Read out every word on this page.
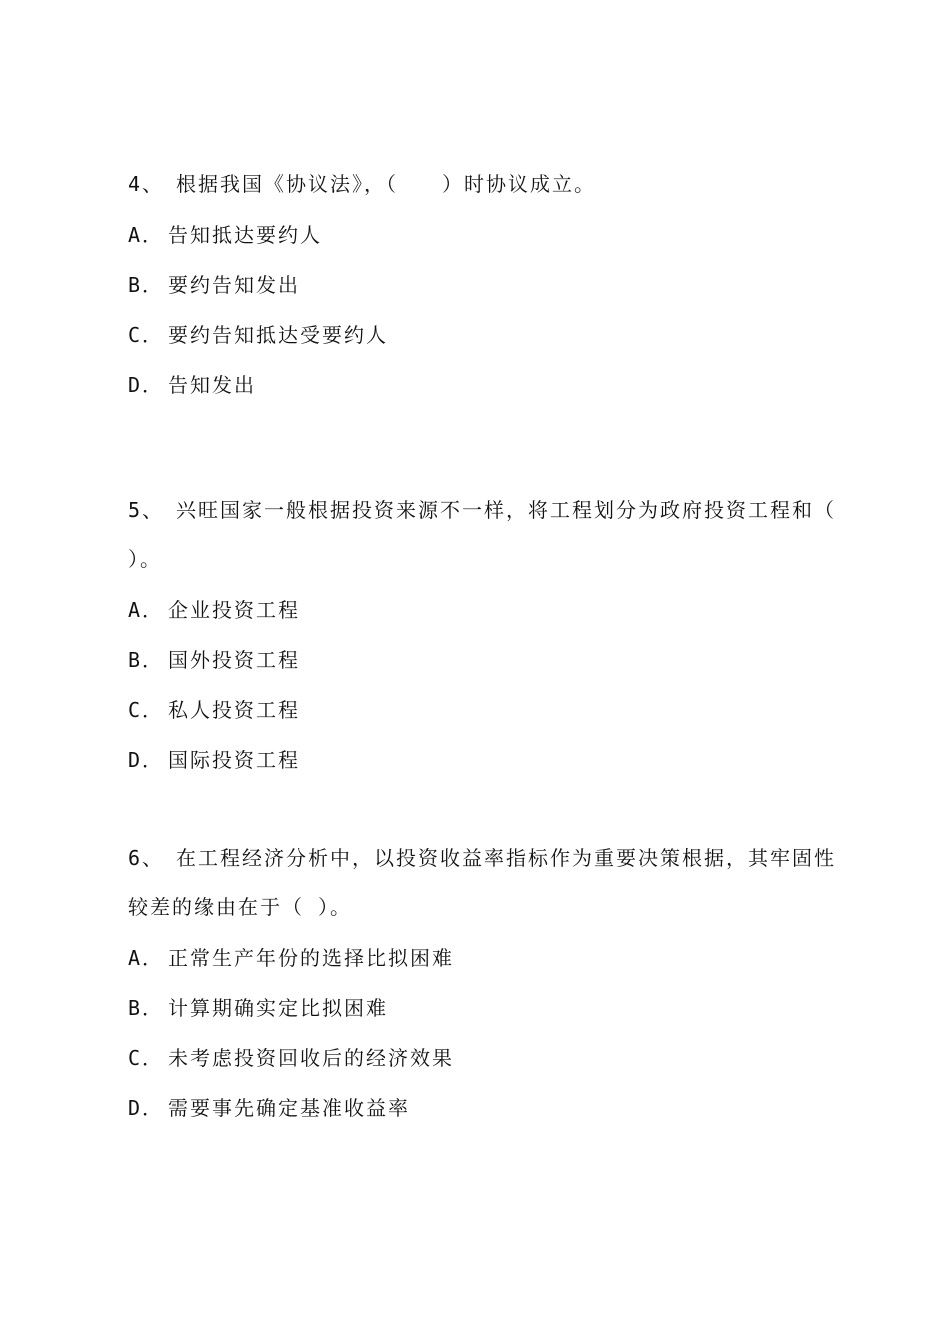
4、 根据我国《协议法》，（　　）时协议成立。

A． 告知抵达要约人

B． 要约告知发出

C． 要约告知抵达受要约人

D． 告知发出

5、 兴旺国家一般根据投资来源不一样，将工程划分为政府投资工程和（　　）。

A． 企业投资工程

B． 国外投资工程

C． 私人投资工程

D． 国际投资工程

6、 在工程经济分析中，以投资收益率指标作为重要决策根据，其牢固性较差的缘由在于（ ）。

A． 正常生产年份的选择比拟困难

B． 计算期确实定比拟困难

C． 未考虑投资回收后的经济效果

D． 需要事先确定基准收益率
